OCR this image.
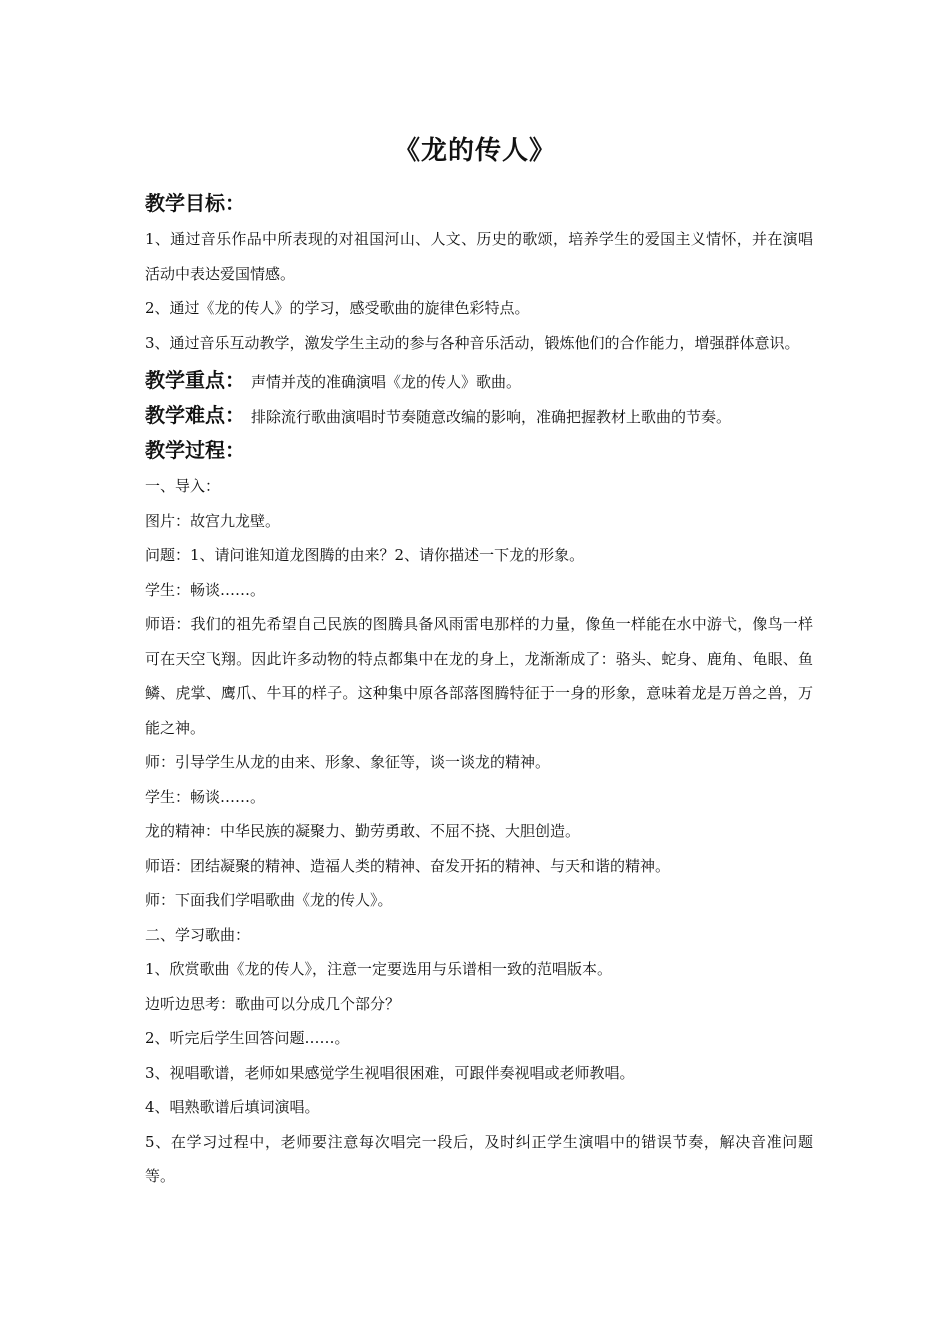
《龙的传人》
教学目标：

1、通过音乐作品中所表现的对祖国河山、人文、历史的歌颂，培养学生的爱国主义情怀，并在演唱活动中表达爱国情感。

2、通过《龙的传人》的学习，感受歌曲的旋律色彩特点。

3、通过音乐互动教学，激发学生主动的参与各种音乐活动，锻炼他们的合作能力，增强群体意识。

教学重点： 声情并茂的准确演唱《龙的传人》歌曲。
教学难点： 排除流行歌曲演唱时节奏随意改编的影响，准确把握教材上歌曲的节奏。
教学过程：

一、导入：

图片：故宫九龙壁。

问题：1、请问谁知道龙图腾的由来？2、请你描述一下龙的形象。

学生：畅谈……。

师语：我们的祖先希望自己民族的图腾具备风雨雷电那样的力量，像鱼一样能在水中游弋，像鸟一样可在天空飞翔。因此许多动物的特点都集中在龙的身上，龙渐渐成了：骆头、蛇身、鹿角、龟眼、鱼鳞、虎掌、鹰爪、牛耳的样子。这种集中原各部落图腾特征于一身的形象，意味着龙是万兽之兽，万能之神。

师：引导学生从龙的由来、形象、象征等，谈一谈龙的精神。

学生：畅谈……。

龙的精神：中华民族的凝聚力、勤劳勇敢、不屈不挠、大胆创造。

师语：团结凝聚的精神、造福人类的精神、奋发开拓的精神、与天和谐的精神。

师：下面我们学唱歌曲《龙的传人》。

二、学习歌曲：

1、欣赏歌曲《龙的传人》，注意一定要选用与乐谱相一致的范唱版本。

边听边思考：歌曲可以分成几个部分？

2、听完后学生回答问题……。

3、视唱歌谱，老师如果感觉学生视唱很困难，可跟伴奏视唱或老师教唱。

4、唱熟歌谱后填词演唱。

5、在学习过程中，老师要注意每次唱完一段后，及时纠正学生演唱中的错误节奏，解决音准问题等。
